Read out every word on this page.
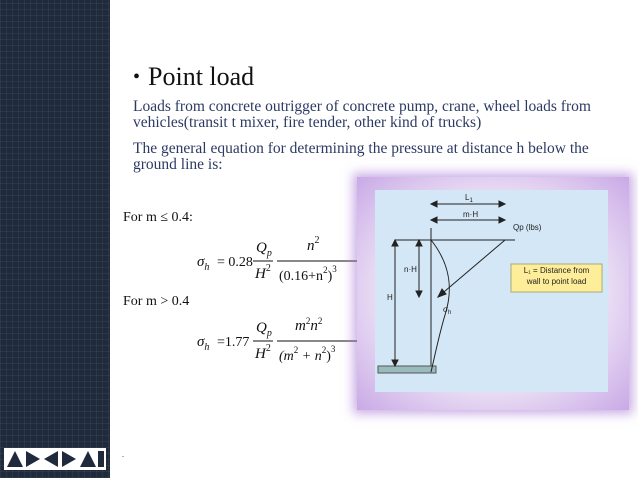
• Point load
Loads from concrete outrigger of concrete pump, crane, wheel loads from vehicles(transit t mixer, fire tender, other kind of trucks)
The general equation for determining the pressure at distance h below the ground line is:
For m ≤ 0.4:
$\sigma_h = 0.28$
$Q_p$
$H^2$
$n^2$
$(0.16+n^2)^3$
For m > 0.4
$\sigma_h =1.77$
$Q_p$
$H^2$
$m^2n^2$
$(m^2 + n^2)^3$
$L_1$
m·H
Qp (lbs)
n·H
H
$\sigma_h$
L₁ = Distance from
wall to point load
.
